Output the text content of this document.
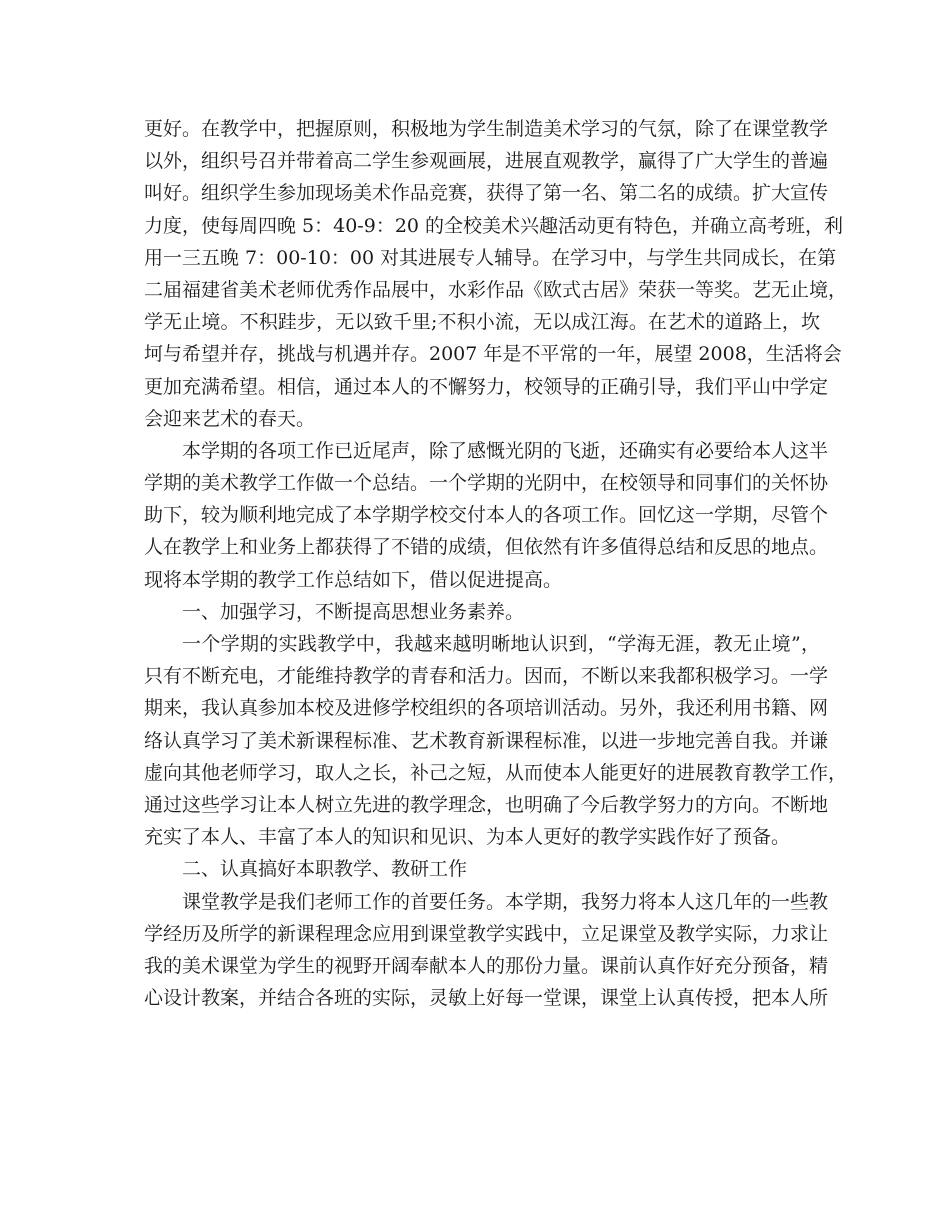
更好。在教学中，把握原则，积极地为学生制造美术学习的气氛，除了在课堂教学
以外，组织号召并带着高二学生参观画展，进展直观教学，赢得了广大学生的普遍
叫好。组织学生参加现场美术作品竞赛，获得了第一名、第二名的成绩。扩大宣传
力度，使每周四晚 5：40-9：20 的全校美术兴趣活动更有特色，并确立高考班，利
用一三五晚 7：00-10：00 对其进展专人辅导。在学习中，与学生共同成长，在第
二届福建省美术老师优秀作品展中，水彩作品《欧式古居》荣获一等奖。艺无止境，
学无止境。不积跬步，无以致千里;不积小流，无以成江海。在艺术的道路上，坎
坷与希望并存，挑战与机遇并存。2007 年是不平常的一年，展望 2008，生活将会
更加充满希望。相信，通过本人的不懈努力，校领导的正确引导，我们平山中学定
会迎来艺术的春天。
本学期的各项工作已近尾声，除了感慨光阴的飞逝，还确实有必要给本人这半
学期的美术教学工作做一个总结。一个学期的光阴中，在校领导和同事们的关怀协
助下，较为顺利地完成了本学期学校交付本人的各项工作。回忆这一学期，尽管个
人在教学上和业务上都获得了不错的成绩，但依然有许多值得总结和反思的地点。
现将本学期的教学工作总结如下，借以促进提高。
一、加强学习，不断提高思想业务素养。
一个学期的实践教学中，我越来越明晰地认识到，“学海无涯，教无止境”，
只有不断充电，才能维持教学的青春和活力。因而，不断以来我都积极学习。一学
期来，我认真参加本校及进修学校组织的各项培训活动。另外，我还利用书籍、网
络认真学习了美术新课程标准、艺术教育新课程标准，以进一步地完善自我。并谦
虚向其他老师学习，取人之长，补己之短，从而使本人能更好的进展教育教学工作，
通过这些学习让本人树立先进的教学理念，也明确了今后教学努力的方向。不断地
充实了本人、丰富了本人的知识和见识、为本人更好的教学实践作好了预备。
二、认真搞好本职教学、教研工作
课堂教学是我们老师工作的首要任务。本学期，我努力将本人这几年的一些教
学经历及所学的新课程理念应用到课堂教学实践中，立足课堂及教学实际，力求让
我的美术课堂为学生的视野开阔奉献本人的那份力量。课前认真作好充分预备，精
心设计教案，并结合各班的实际，灵敏上好每一堂课，课堂上认真传授，把本人所
